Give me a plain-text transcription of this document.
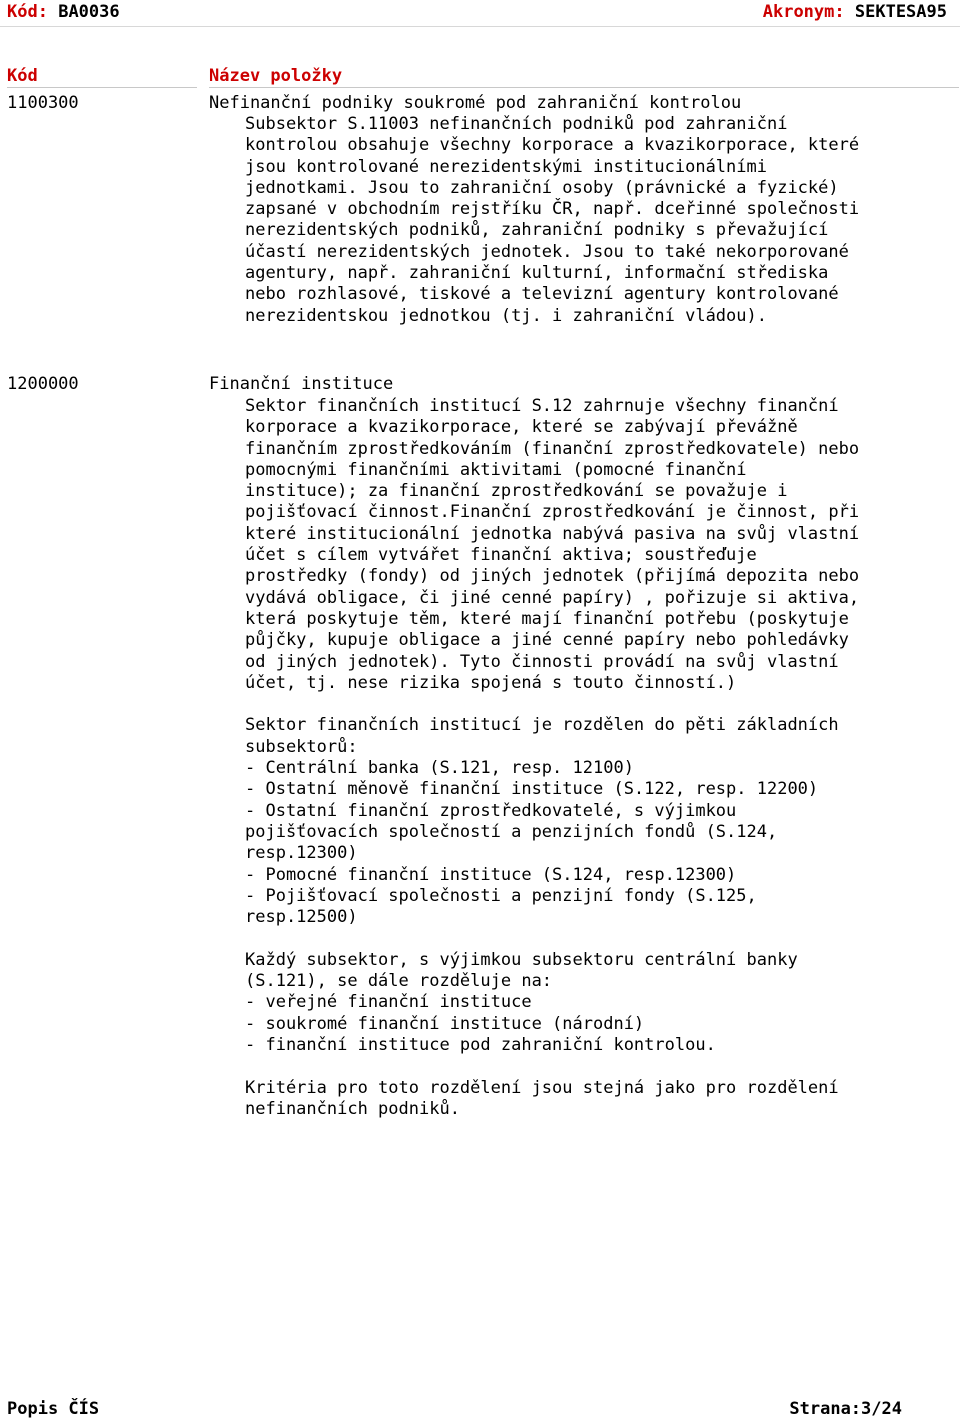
Kód: BA0036	Akronym: SEKTESA95
Kód	Název položky
1100300	Nefinanční podniky soukromé pod zahraniční kontrolou
Subsektor S.11003 nefinančních podniků pod zahraniční
kontrolou obsahuje všechny korporace a kvazikorporace, které
jsou kontrolované nerezidentskými institucionálními
jednotkami. Jsou to zahraniční osoby (právnické a fyzické)
zapsané v obchodním rejstříku ČR, např. dceřinné společnosti
nerezidentských podniků, zahraniční podniky s převažující
účastí nerezidentských jednotek. Jsou to také nekorporované
agentury, např. zahraniční kulturní, informační střediska
nebo rozhlasové, tiskové a televizní agentury kontrolované
nerezidentskou jednotkou (tj. i zahraniční vládou).
1200000	Finanční instituce
Sektor finančních institucí S.12 zahrnuje všechny finanční
korporace a kvazikorporace, které se zabývají převážně
finančním zprostředkováním (finanční zprostředkovatele) nebo
pomocnými finančními aktivitami (pomocné finanční
instituce); za finanční zprostředkování se považuje i
pojišťovací činnost.Finanční zprostředkování je činnost, při
které institucionální jednotka nabývá pasiva na svůj vlastní
účet s cílem vytvářet finanční aktiva; soustřeďuje
prostředky (fondy) od jiných jednotek (přijímá depozita nebo
vydává obligace, či jiné cenné papíry) , pořizuje si aktiva,
která poskytuje těm, které mají finanční potřebu (poskytuje
půjčky, kupuje obligace a jiné cenné papíry nebo pohledávky
od jiných jednotek). Tyto činnosti provádí na svůj vlastní
účet, tj. nese rizika spojená s touto činností.)

Sektor finančních institucí je rozdělen do pěti základních
subsektorů:
- Centrální banka (S.121, resp. 12100)
- Ostatní měnově finanční instituce (S.122, resp. 12200)
- Ostatní finanční zprostředkovatelé, s výjimkou
pojišťovacích společností a penzijních fondů (S.124,
resp.12300)
- Pomocné finanční instituce (S.124, resp.12300)
- Pojišťovací společnosti a penzijní fondy (S.125,
resp.12500)

Každý subsektor, s výjimkou subsektoru centrální banky
(S.121), se dále rozděluje na:
- veřejné finanční instituce
- soukromé finanční instituce (národní)
- finanční instituce pod zahraniční kontrolou.

Kritéria pro toto rozdělení jsou stejná jako pro rozdělení
nefinančních podniků.
Popis ČÍS	Strana:3/24
